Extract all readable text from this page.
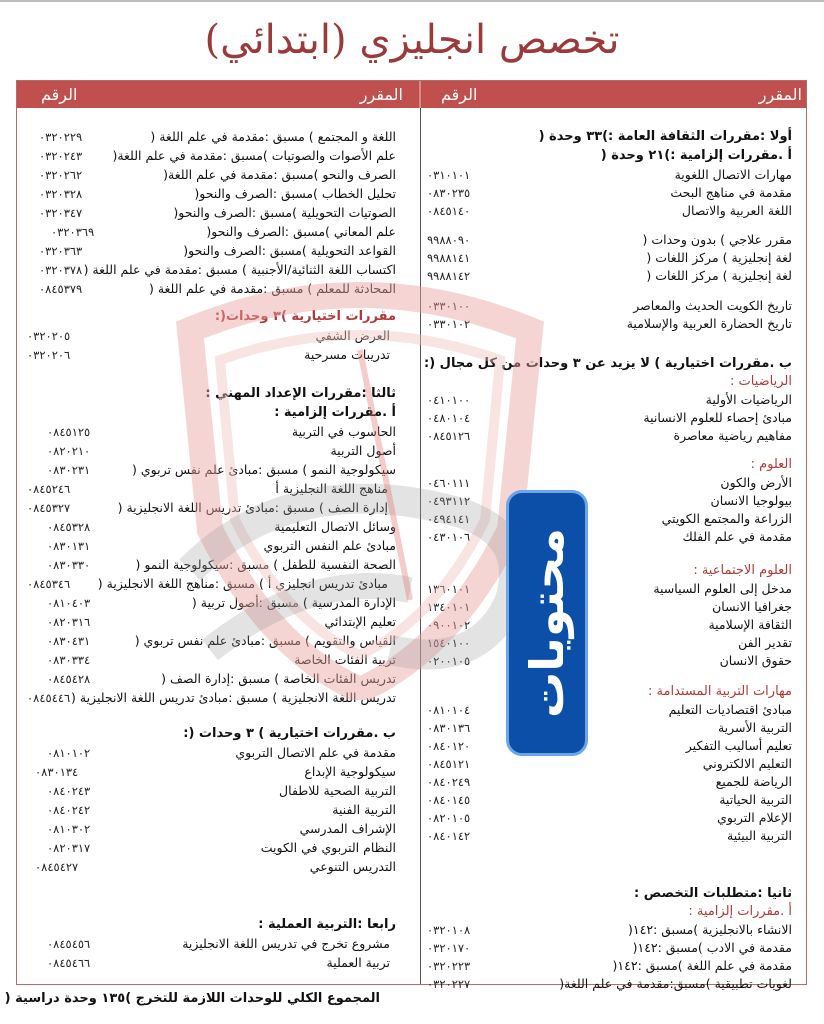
تخصص انجليزي (ابتدائي)
المقرر
الرقم
المقرر
الرقم
أولا :مقررات الثقافة العامة :)٣٣ وحدة (
أ .مقررات إلزامية :)٢١ وحدة (
مهارات الاتصال اللغوية
٠٣١٠١٠١
مقدمة في مناهج البحث
٠٨٣٠٢٣٥
اللغة العربية والاتصال
٠٨٤٥١٤٠
مقرر علاجي ) بدون وحدات (
٩٩٨٨٠٩٠
لغة إنجليزية ) مركز اللغات (
٩٩٨٨١٤١
لغة إنجليزية ) مركز اللغات (
٩٩٨٨١٤٢
تاريخ الكويت الحديث والمعاصر
٠٣٣٠١٠٠
تاريخ الحضارة العربية والإسلامية
٠٣٣٠١٠٢
ب .مقررات اختيارية ) لا يزيد عن ٣ وحدات من كل مجال (:
الرياضيات :
الرياضيات الأولية
٠٤١٠١٠٠
مبادئ إحصاء للعلوم الانسانية
٠٤٨٠١٠٤
مفاهيم رياضية معاصرة
٠٨٤٥١٢٦
العلوم :
الأرض والكون
٠٤٦٠١١١
بيولوجيا الانسان
٠٤٩٣١١٢
الزراعة والمجتمع الكويتي
٠٤٩٤١٤١
مقدمة في علم الفلك
٠٤٣٠١٠٦
العلوم الاجتماعية :
مدخل إلى العلوم السياسية
١٣٦٠١٠١
جغرافيا الانسان
١٣٤٠١٠١
الثقافة الإسلامية
٠٩٠٠١٠٢
تقدير الفن
١٥٤٠١٠٠
حقوق الانسان
٠٢٠٠١٠٥
مهارات التربية المستدامة :
مبادئ اقتصاديات التعليم
٠٨١٠١٠٤
التربية الأسرية
٠٨٣٠١٣٦
تعليم أساليب التفكير
٠٨٤٠١٢٠
التعليم الالكتروني
٠٨٤٥١٢١
الرياضة للجميع
٠٨٤٠٢٤٩
التربية الحياتية
٠٨٤٠١٤٥
الإعلام التربوي
٠٨٢٠١٠٥
التربية البيئية
٠٨٤٠١٤٢
ثانيا :متطلبات التخصص :
أ .مقررات إلزامية :
الانشاء بالانجليزية )مسبق :١٤٢(
٠٣٢٠١٠٨
مقدمة في الادب )مسبق :١٤٢(
٠٣٢٠١٧٠
مقدمة في علم اللغة )مسبق :١٤٢(
٠٣٢٠٢٢٣
لغويات تطبيقية )مسبق:مقدمة في علم اللغة(
٠٣٢٠٢٢٧
اللغة و المجتمع ) مسبق :مقدمة في علم اللغة (
٠٣٢٠٢٢٩
علم الأصوات والصوتيات )مسبق :مقدمة في علم اللغة(
٠٣٢٠٢٤٣
الصرف والنحو )مسبق :مقدمة في علم اللغة(
٠٣٢٠٢٦٢
تحليل الخطاب )مسبق :الصرف والنحو(
٠٣٢٠٣٢٨
الصوتيات التحويلية )مسبق :الصرف والنحو(
٠٣٢٠٣٤٧
علم المعاني )مسبق :الصرف والنحو(
٠٣٢٠٣٦٩
القواعد التحويلية )مسبق :الصرف والنحو(
٠٣٢٠٣٦٣
اكتساب اللغة الثنائية/الأجنبية ) مسبق :مقدمة في علم اللغة (
٠٣٢٠٣٧٨
المحادثة للمعلم ) مسبق :مقدمة في علم اللغة (
٠٨٤٥٣٧٩
مقررات اختيارية )٣ وحدات(:
العرض الشفي
٠٣٢٠٢٠٥
تدريبات مسرحية
٠٣٢٠٢٠٦
ثالثا :مقررات الإعداد المهني :
أ .مقررات إلزامية :
الحاسوب في التربية
٠٨٤٥١٢٥
أصول التربية
٠٨٢٠٢١٠
سيكولوجية النمو ) مسبق :مبادئ علم نفس تربوي (
٠٨٣٠٢٣١
مناهج اللغة النجليزية أ
٠٨٤٥٢٤٦
إدارة الصف ) مسبق :مبادئ تدريس اللغة الانجليزية (
٠٨٤٥٣٢٧
وسائل الاتصال التعليمية
٠٨٤٥٣٢٨
مبادئ علم النفس التربوي
٠٨٣٠١٣١
الصحة النفسية للطفل ) مسبق :سيكولوجية النمو (
٠٨٣٠٣٣٠
مبادئ تدريس انجليزي أ ) مسبق :مناهج اللغة الانجليزية (
٠٨٤٥٣٤٦
الإدارة المدرسية ) مسبق :أصول تربية (
٠٨١٠٤٠٣
تعليم الإبتدائي
٠٨٢٠٣١٦
القياس والتقويم ) مسبق :مبادئ علم نفس تربوي (
٠٨٣٠٤٣١
تربية الفئات الخاصة
٠٨٣٠٣٣٤
تدريس الفئات الخاصة ) مسبق :إدارة الصف (
٠٨٤٥٤٢٨
تدريس اللغة الانجليزية ) مسبق :مبادئ تدريس اللغة الانجليزية (
٠٨٤٥٤٤٦
ب .مقررات اختيارية ) ٣ وحدات (:
مقدمة في علم الاتصال التربوي
٠٨١٠١٠٢
سيكولوجية الإبداع
٠٨٣٠١٣٤
التربية الصحية للاطفال
٠٨٤٠٢٤٣
التربية الفنية
٠٨٤٠٢٤٢
الإشراف المدرسي
٠٨١٠٣٠٢
النظام التربوي في الكويت
٠٨٢٠٣١٧
التدريس التنوعي
٠٨٤٥٤٢٧
رابعا :التربية العملية :
مشروع تخرج في تدريس اللغة الانجليزية
٠٨٤٥٤٥٦
تربية العملية
٠٨٤٥٤٦٦
المجموع الكلي للوحدات اللازمة للتخرج )١٣٥ وحدة دراسية (
محتويات
